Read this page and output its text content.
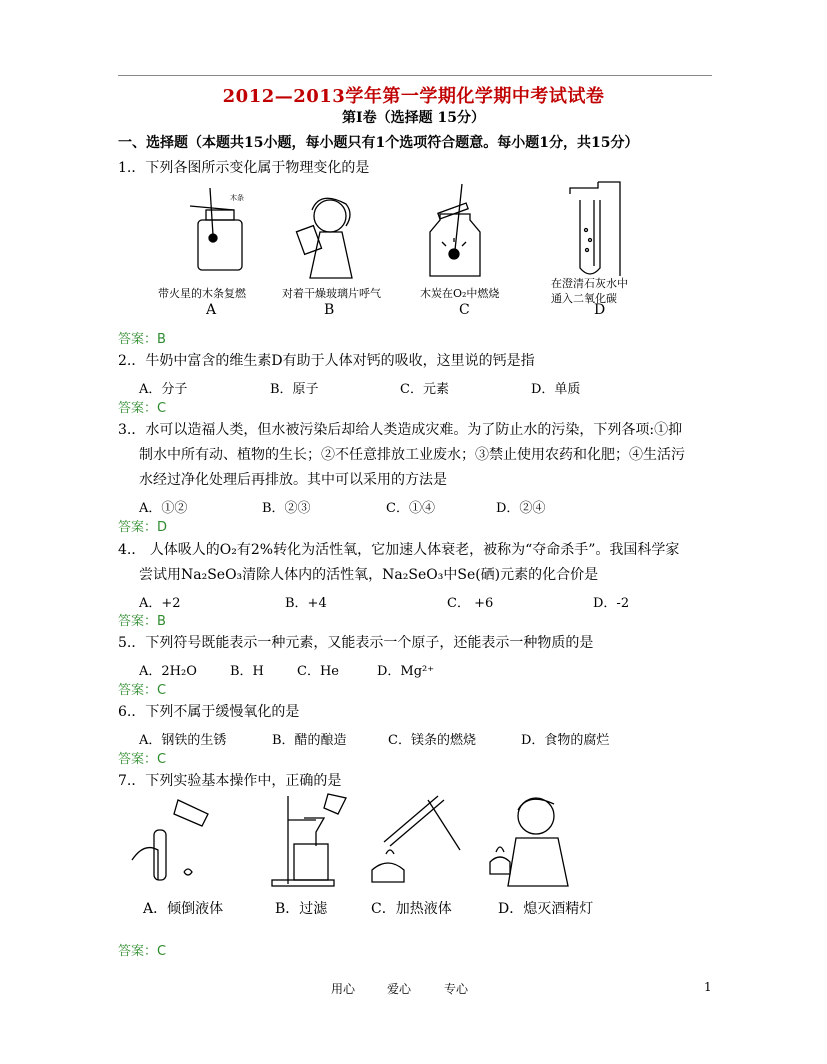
2012—2013学年第一学期化学期中考试试卷
第Ⅰ卷（选择题 15分）
一、选择题（本题共15小题，每小题只有1个选项符合题意。每小题1分，共15分）
1.．下列各图所示变化属于物理变化的是
木条
带火星的木条复燃	对着干燥玻璃片呼气	木炭在O₂中燃烧
在澄清石灰水中
通入二氧化碳
A	B	C	D
答案：B
2.．牛奶中富含的维生素D有助于人体对钙的吸收，这里说的钙是指
A．分子	B．原子	C．元素	D．单质
答案：C
3.．水可以造福人类，但水被污染后却给人类造成灾难。为了防止水的污染，下列各项:①抑
制水中所有动、植物的生长；②不任意排放工业废水；③禁止使用农药和化肥；④生活污
水经过净化处理后再排放。其中可以采用的方法是
A．①②	B．②③	C．①④	D．②④
答案：D
4.． 人体吸人的O₂有2%转化为活性氧，它加速人体衰老，被称为“夺命杀手”。我国科学家
尝试用Na₂SeO₃清除人体内的活性氧，Na₂SeO₃中Se(硒)元素的化合价是
A．+2	B．+4	C． +6	D．-2
答案：B
5.．下列符号既能表示一种元素，又能表示一个原子，还能表示一种物质的是
A．2H₂O	B．H	C．He	D．Mg²⁺
答案：C
6.．下列不属于缓慢氧化的是
A．钢铁的生锈	B．醋的酿造	C．镁条的燃烧	D．食物的腐烂
答案：C
7.．下列实验基本操作中，正确的是
A．倾倒液体	B．过滤	C．加热液体	D．熄灭酒精灯
答案：C
用心	爱心	专心	1
